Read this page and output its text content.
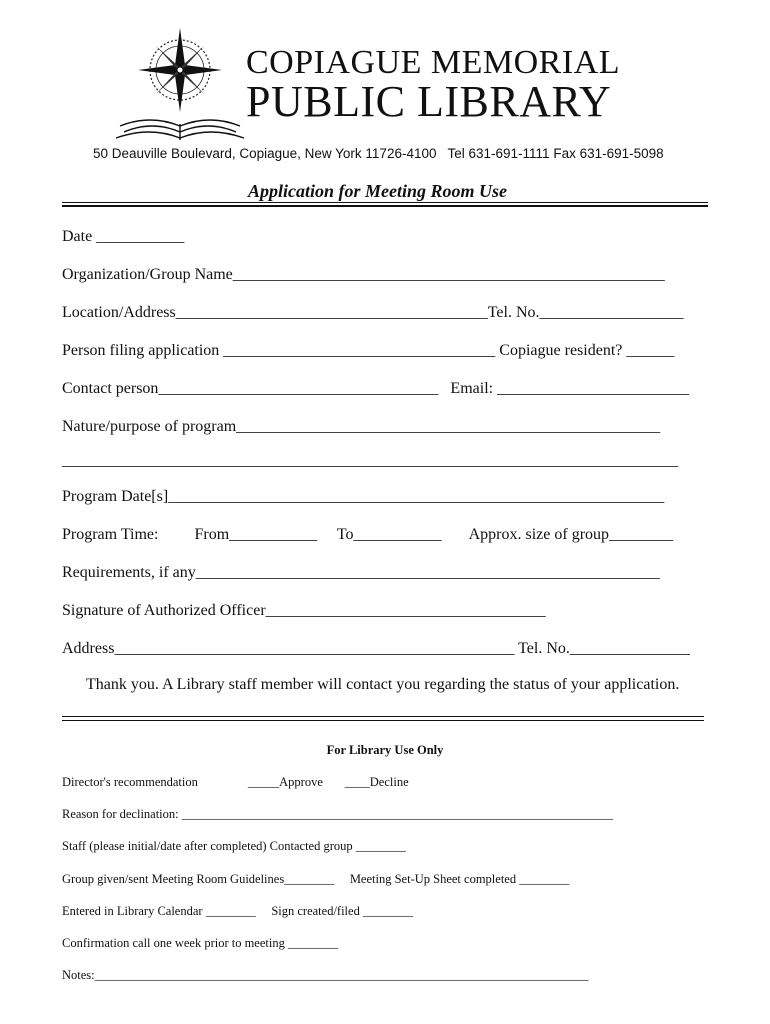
COPIAGUE MEMORIAL
PUBLIC LIBRARY
50 Deauville Boulevard, Copiague, New York 11726-4100   Tel 631-691-1111 Fax 631-691-5098
Application for Meeting Room Use
Date ___________
Organization/Group Name______________________________________________________
Location/Address_______________________________________Tel. No.__________________
Person filing application __________________________________ Copiague resident? ______
Contact person___________________________________   Email: ________________________
Nature/purpose of program_____________________________________________________
_____________________________________________________________________________
Program Date[s]______________________________________________________________
Program Time:         From___________     To___________       Approx. size of group________
Requirements, if any__________________________________________________________
Signature of Authorized Officer___________________________________
Address__________________________________________________ Tel. No._______________
Thank you. A Library staff member will contact you regarding the status of your application.
For Library Use Only
Director's recommendation                _____Approve       ____Decline
Reason for declination: _____________________________________________________________________
Staff (please initial/date after completed) Contacted group ________
Group given/sent Meeting Room Guidelines________     Meeting Set-Up Sheet completed ________
Entered in Library Calendar ________     Sign created/filed ________
Confirmation call one week prior to meeting ________
Notes:_______________________________________________________________________________
